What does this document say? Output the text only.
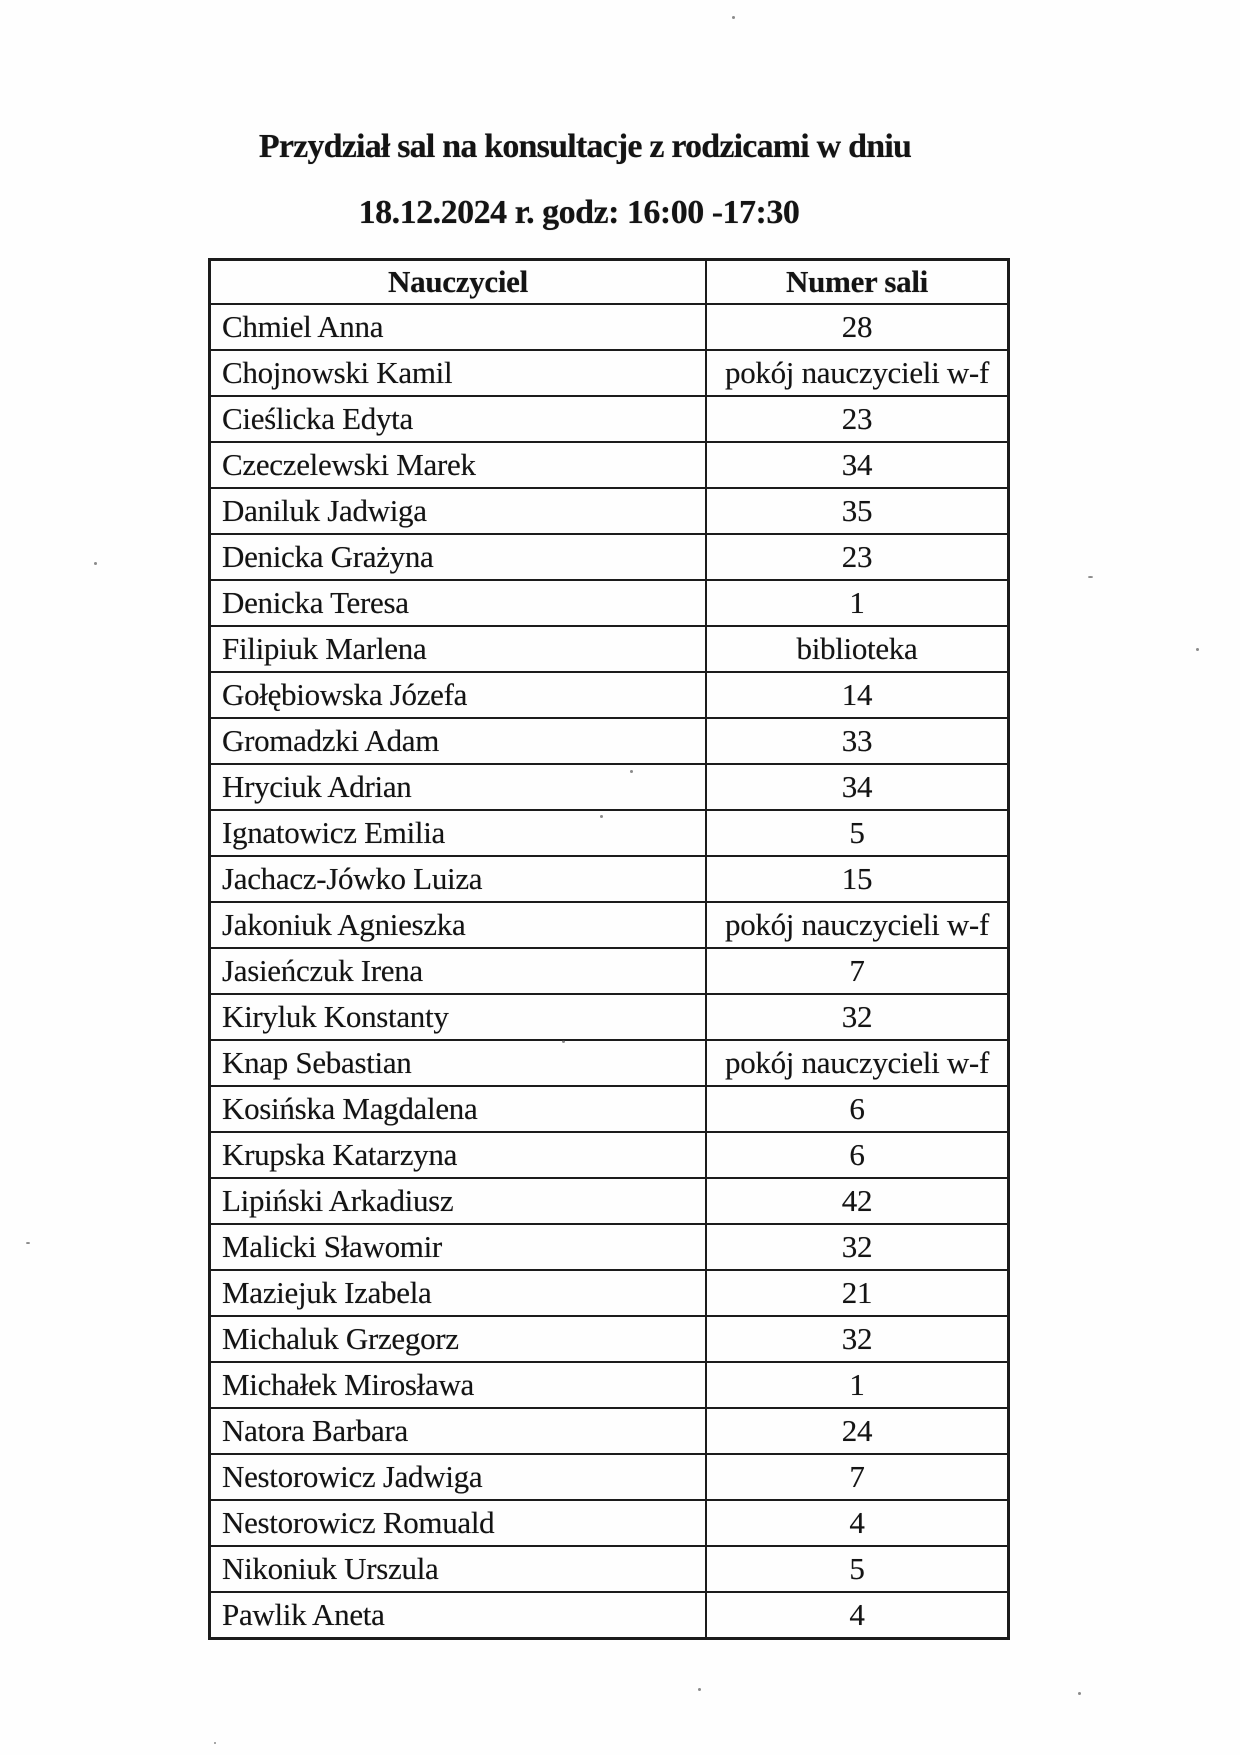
Przydział sal na konsultacje z rodzicami w dniu
18.12.2024 r. godz: 16:00 -17:30
Nauczyciel	Numer sali
Chmiel Anna	28
Chojnowski Kamil	pokój nauczycieli w-f
Cieślicka Edyta	23
Czeczelewski Marek	34
Daniluk Jadwiga	35
Denicka Grażyna	23
Denicka Teresa	1
Filipiuk Marlena	biblioteka
Gołębiowska Józefa	14
Gromadzki Adam	33
Hryciuk Adrian	34
Ignatowicz Emilia	5
Jachacz-Jówko Luiza	15
Jakoniuk Agnieszka	pokój nauczycieli w-f
Jasieńczuk Irena	7
Kiryluk Konstanty	32
Knap Sebastian	pokój nauczycieli w-f
Kosińska Magdalena	6
Krupska Katarzyna	6
Lipiński Arkadiusz	42
Malicki Sławomir	32
Maziejuk Izabela	21
Michaluk Grzegorz	32
Michałek Mirosława	1
Natora Barbara	24
Nestorowicz Jadwiga	7
Nestorowicz Romuald	4
Nikoniuk Urszula	5
Pawlik Aneta	4
